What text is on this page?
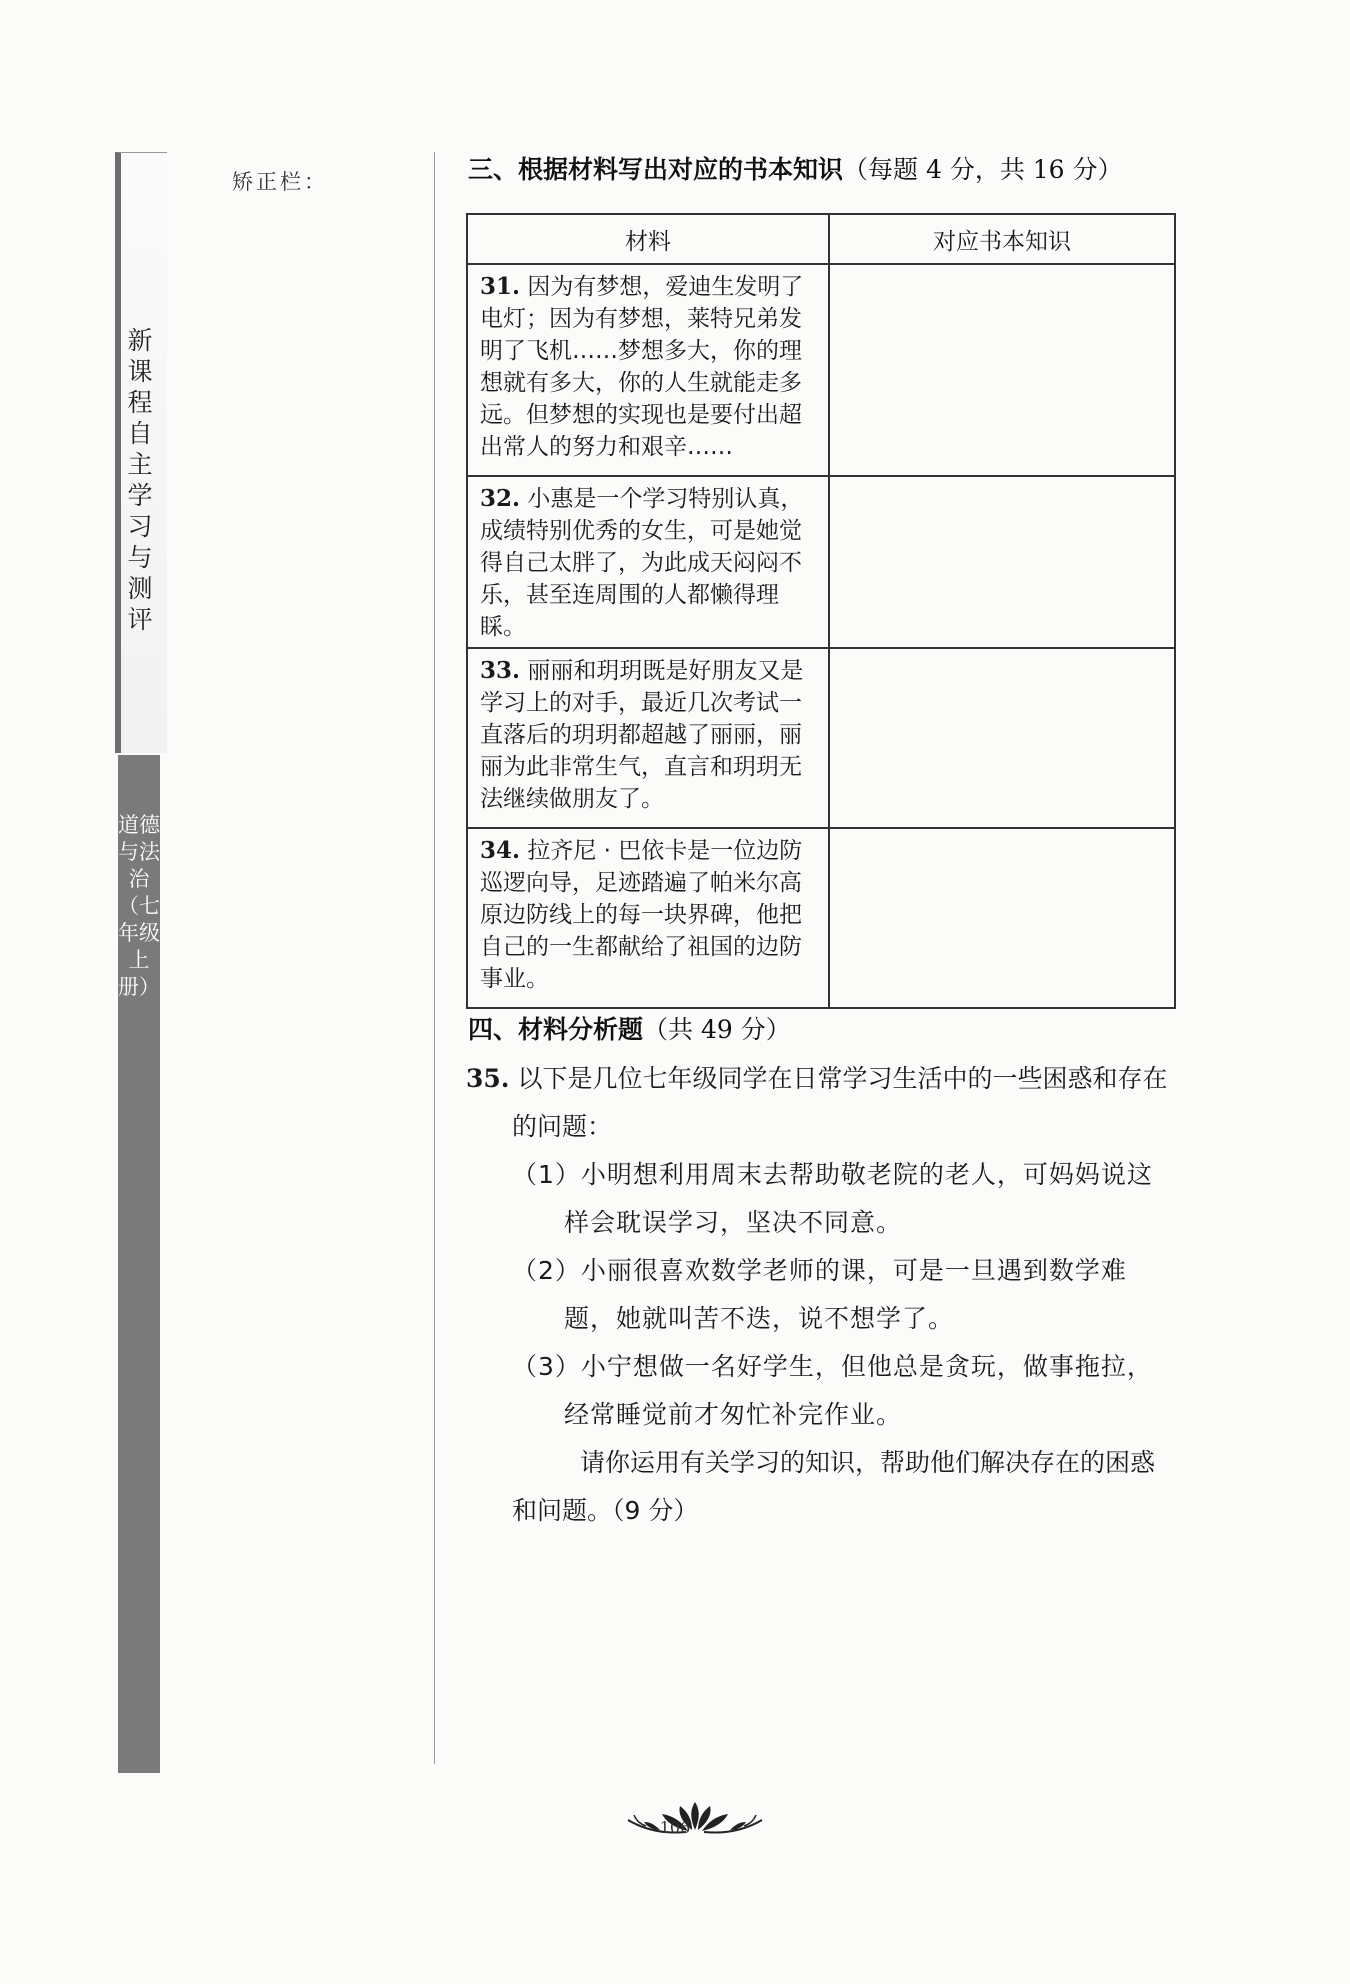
新课程自主学习与测评
道德与法治（七年级上册）
矫正栏：	三、根据材料写出对应的书本知识（每题 4 分，共 16 分）
材料	对应书本知识
31. 因为有梦想，爱迪生发明了电灯；因为有梦想，莱特兄弟发明了飞机……梦想多大，你的理想就有多大，你的人生就能走多远。但梦想的实现也是要付出超出常人的努力和艰辛……	
32. 小惠是一个学习特别认真，成绩特别优秀的女生，可是她觉得自己太胖了，为此成天闷闷不乐，甚至连周围的人都懒得理睬。	
33. 丽丽和玥玥既是好朋友又是学习上的对手，最近几次考试一直落后的玥玥都超越了丽丽，丽丽为此非常生气，直言和玥玥无法继续做朋友了。	
34. 拉齐尼 · 巴依卡是一位边防巡逻向导，足迹踏遍了帕米尔高原边防线上的每一块界碑，他把自己的一生都献给了祖国的边防事业。	
四、材料分析题（共 49 分）
35. 以下是几位七年级同学在日常学习生活中的一些困惑和存在的问题：
（1）小明想利用周末去帮助敬老院的老人，可妈妈说这样会耽误学习，坚决不同意。
（2）小丽很喜欢数学老师的课，可是一旦遇到数学难题，她就叫苦不迭，说不想学了。
（3）小宁想做一名好学生，但他总是贪玩，做事拖拉，经常睡觉前才匆忙补完作业。
请你运用有关学习的知识，帮助他们解决存在的困惑和问题。（9 分）
106
